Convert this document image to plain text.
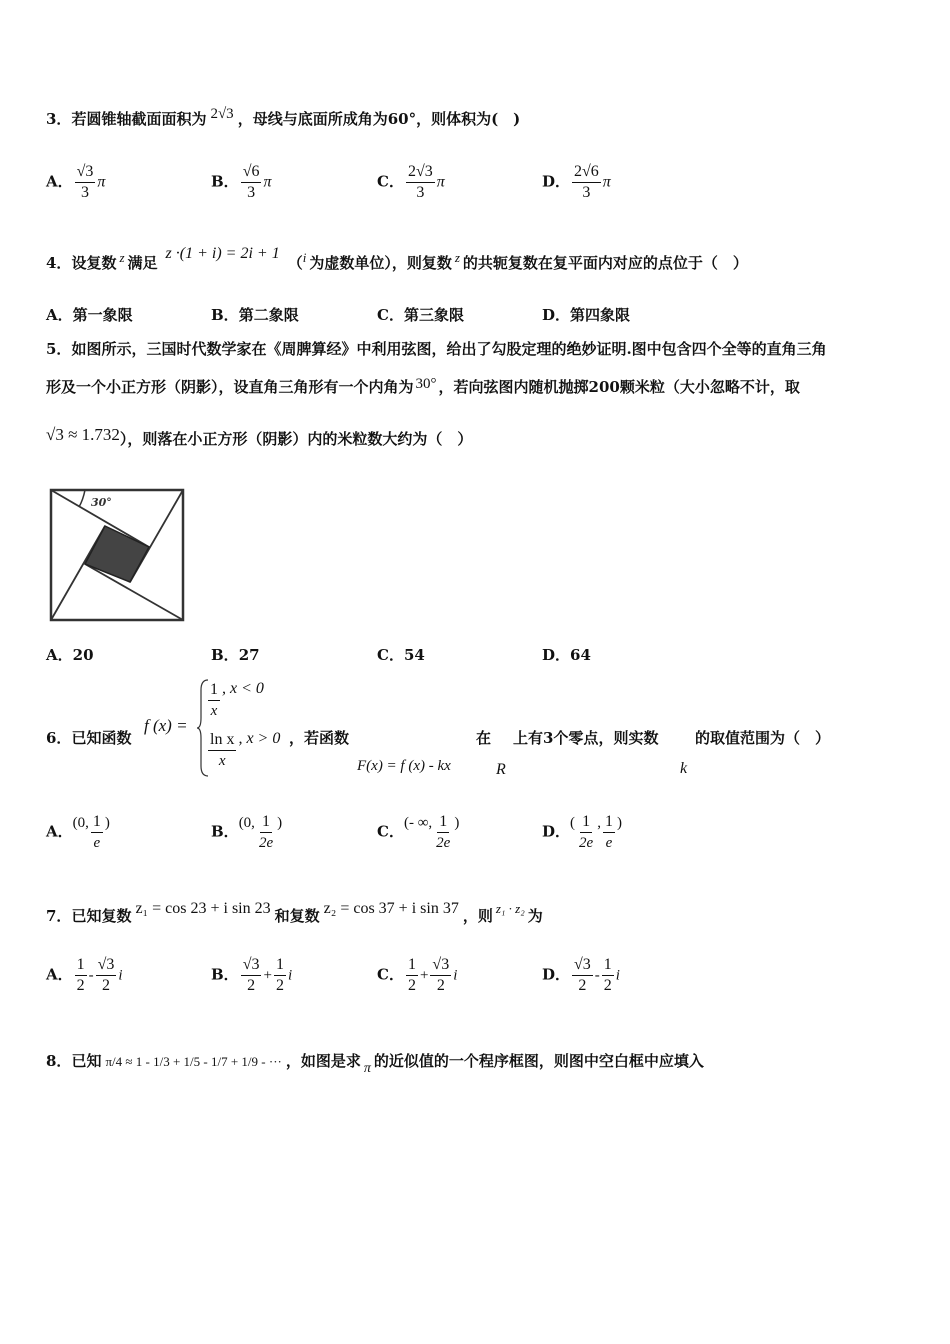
3．若圆锥轴截面面积为 2√3 ，母线与底面所成角为60°，则体积为(　)
A． $\frac{√3}{3}$ π	B． $\frac{√6}{3}$ π	C． $\frac{2√3}{3}$ π	D． $\frac{2√6}{3}$ π
4．设复数 z 满足z ·(1 + i) = 2i + 1（i 为虚数单位），则复数 z 的共轭复数在复平面内对应的点位于（　）
A．第一象限	B．第二象限	C．第三象限	D．第四象限
5．如图所示，三国时代数学家在《周脾算经》中利用弦图，给出了勾股定理的绝妙证明.图中包含四个全等的直角三角
形及一个小正方形（阴影），设直角三角形有一个内角为 30° ，若向弦图内随机抛掷200颗米粒（大小忽略不计，取
√3 ≈ 1.732），则落在小正方形（阴影）内的米粒数大约为（　）
30°
A．20	B．27	C．54	D．64
6．已知函数
f (x) =
$\frac{1}{x}$ , x < 0
$\frac{\text{ln x}}{x}$ , x > 0 ，若函数
F(x) = f (x) - kx
在
R
上有3个零点，则实数
k
的取值范围为（　）
A．(0, $\frac{1}{e}$ )	B．(0, $\frac{1}{2e}$ )	C．(- ∞, $\frac{1}{2e}$ )	D．( $\frac{1}{2e}$ , $\frac{1}{e}$ )
7．已知复数 z₁ = cos 23 + i sin 23 和复数 z₂ = cos 37 + i sin 37 ，则 z₁ · z₂ 为
A． $\frac{1}{2} - \frac{√3}{2}$ i	B． $\frac{√3}{2} + \frac{1}{2}$ i	C． $\frac{1}{2} + \frac{√3}{2}$ i	D． $\frac{√3}{2} - \frac{1}{2}$ i
8．已知 π/4 ≈ 1 - 1/3 + 1/5 - 1/7 + 1/9 - ··· ，如图是求 π 的近似值的一个程序框图，则图中空白框中应填入
